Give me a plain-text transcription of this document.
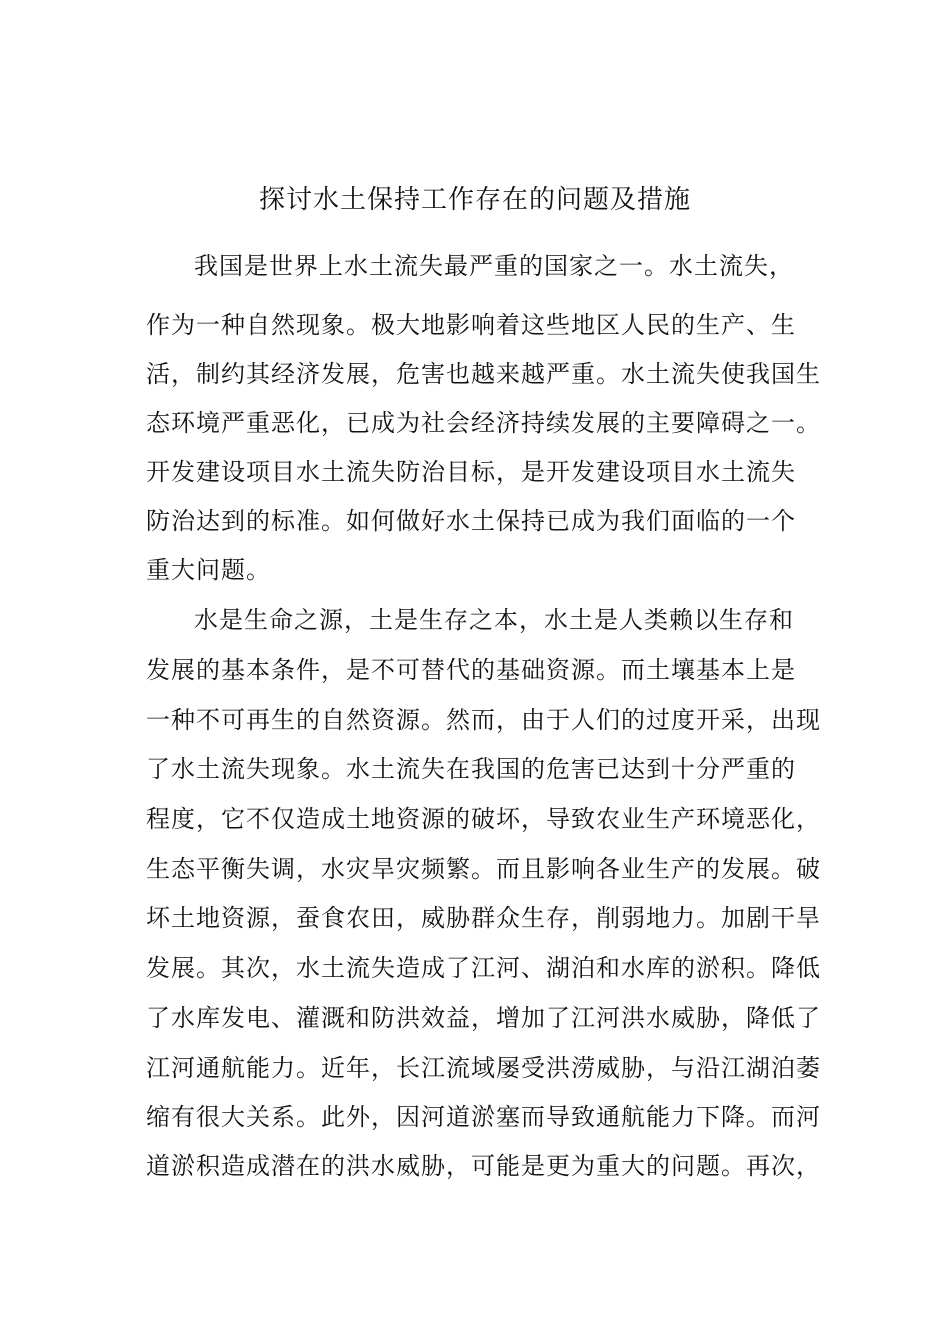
探讨水土保持工作存在的问题及措施
我国是世界上水土流失最严重的国家之一。水土流失，
作为一种自然现象。极大地影响着这些地区人民的生产、生
活，制约其经济发展，危害也越来越严重。水土流失使我国生
态环境严重恶化，已成为社会经济持续发展的主要障碍之一。
开发建设项目水土流失防治目标，是开发建设项目水土流失
防治达到的标准。如何做好水土保持已成为我们面临的一个
重大问题。
水是生命之源，土是生存之本，水土是人类赖以生存和
发展的基本条件，是不可替代的基础资源。而土壤基本上是
一种不可再生的自然资源。然而，由于人们的过度开采，出现
了水土流失现象。水土流失在我国的危害已达到十分严重的
程度，它不仅造成土地资源的破坏，导致农业生产环境恶化，
生态平衡失调，水灾旱灾频繁。而且影响各业生产的发展。破
坏土地资源，蚕食农田，威胁群众生存，削弱地力。加剧干旱
发展。其次，水土流失造成了江河、湖泊和水库的淤积。降低
了水库发电、灌溉和防洪效益，增加了江河洪水威胁，降低了
江河通航能力。近年，长江流域屡受洪涝威胁，与沿江湖泊萎
缩有很大关系。此外，因河道淤塞而导致通航能力下降。而河
道淤积造成潜在的洪水威胁，可能是更为重大的问题。再次，
